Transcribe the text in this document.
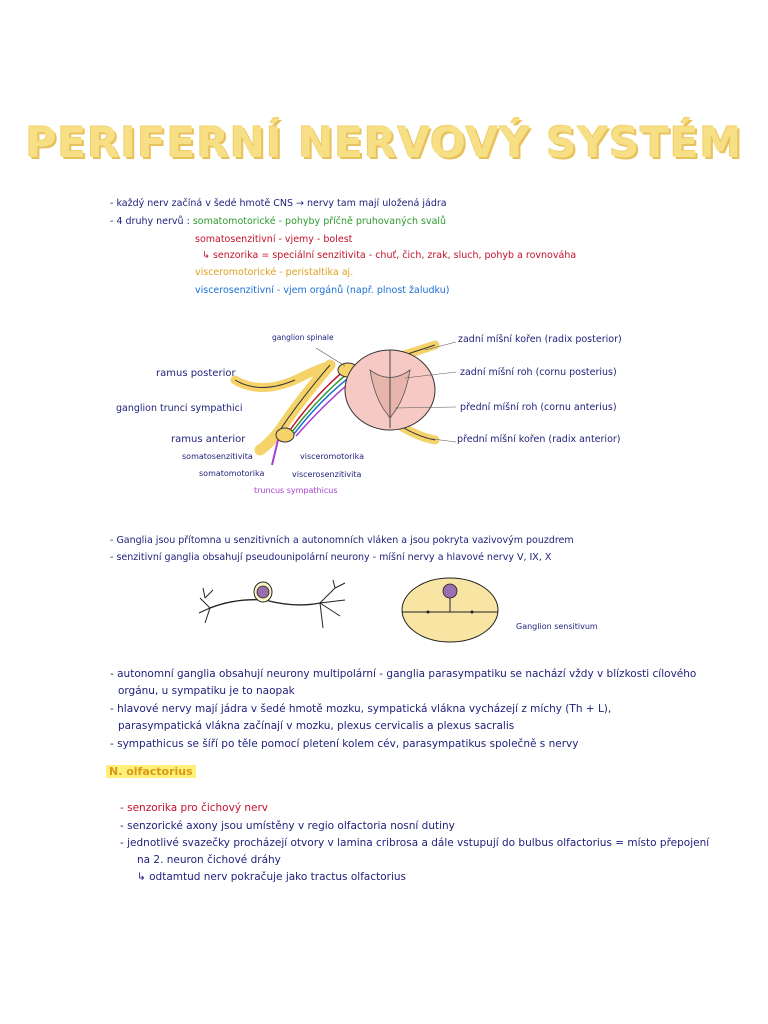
PERIFERNÍ NERVOVÝ SYSTÉM
- každý nerv začíná v šedé hmotě CNS → nervy tam mají uložená jádra
- 4 druhy nervů : somatomotorické - pohyby příčně pruhovaných svalů
somatosenzitivní - vjemy - bolest
↳ senzorika = speciální senzitivita - chuť, čich, zrak, sluch, pohyb a rovnováha
visceromotorické - peristaltika aj.
viscerosenzitivní - vjem orgánů (např. plnost žaludku)
ganglion spinale
ramus posterior
ganglion trunci sympathici
ramus anterior
somatosenzitivita
somatomotorika
truncus sympathicus
visceromotorika
viscerosenzitivita
zadní míšní kořen (radix posterior)
zadní míšní roh (cornu posterius)
přední míšní roh (cornu anterius)
přední míšní kořen (radix anterior)
- Ganglia jsou přítomna u senzitivních a autonomních vláken a jsou pokryta vazivovým pouzdrem
- senzitivní ganglia obsahují pseudounipolární neurony - míšní nervy a hlavové nervy V, IX, X
Ganglion sensitivum
- autonomní ganglia obsahují neurony multipolární - ganglia parasympatiku se nachází vždy v blízkosti cílového
orgánu, u sympatiku je to naopak
- hlavové nervy mají jádra v šedé hmotě mozku, sympatická vlákna vycházejí z míchy (Th + L),
parasympatická vlákna začínají v mozku, plexus cervicalis a plexus sacralis
- sympathicus se šíří po těle pomocí pletení kolem cév, parasympatikus společně s nervy
N. olfactorius
- senzorika pro čichový nerv
- senzorické axony jsou umístěny v regio olfactoria nosní dutiny
- jednotlivé svazečky procházejí otvory v lamina cribrosa a dále vstupují do bulbus olfactorius = místo přepojení
na 2. neuron čichové dráhy
↳ odtamtud nerv pokračuje jako tractus olfactorius
